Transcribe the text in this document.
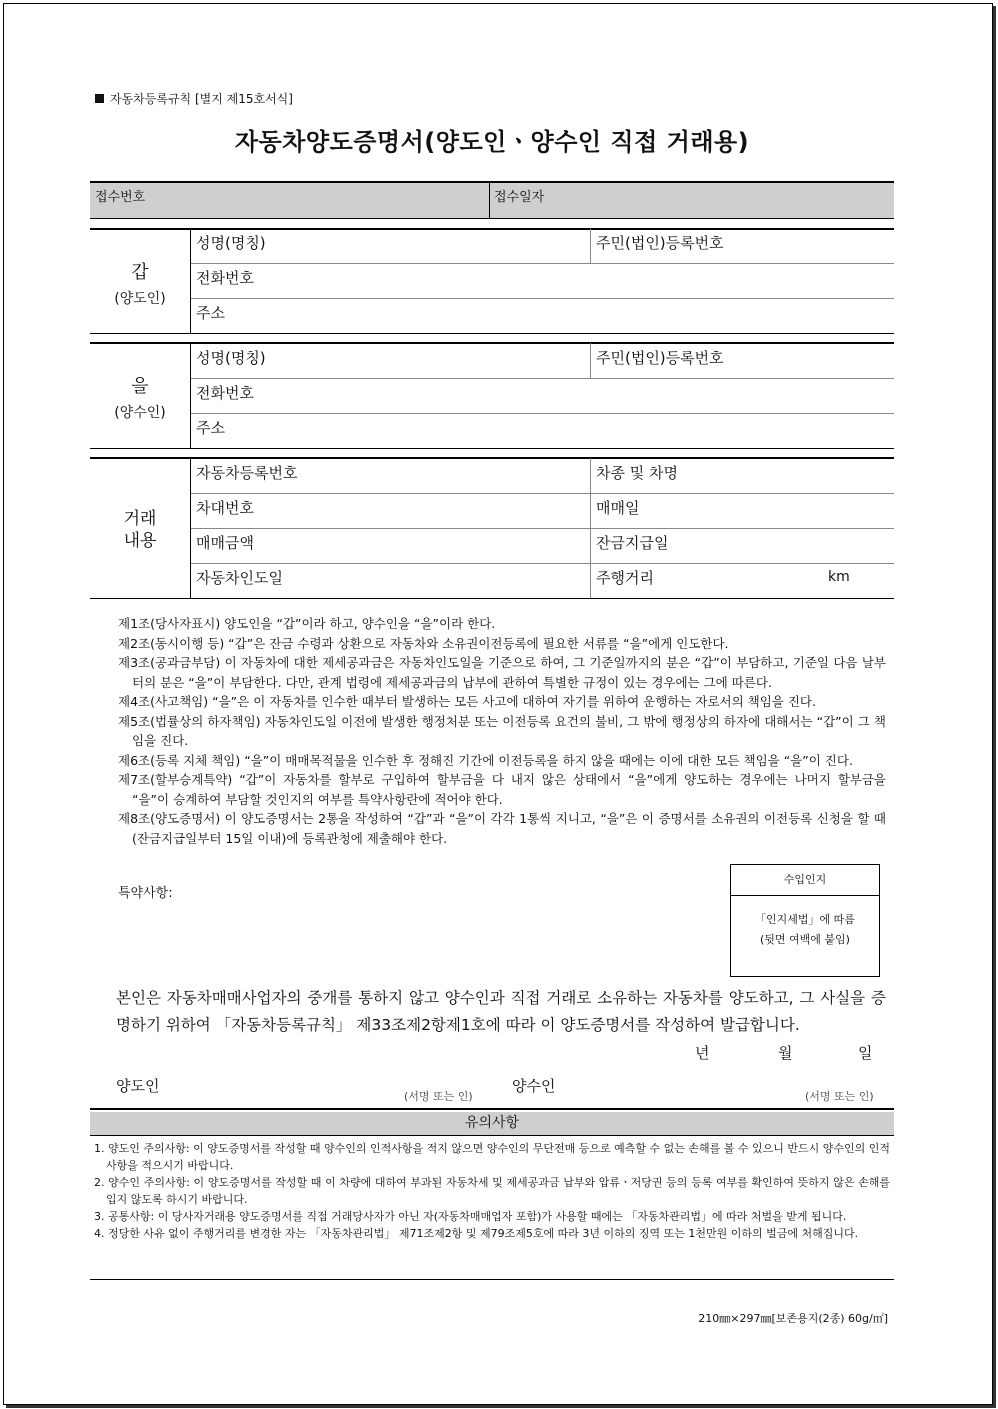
자동차등록규칙 [별지 제15호서식]
자동차양도증명서(양도인ㆍ양수인 직접 거래용)
접수번호	접수일자
갑
(양도인)
성명(명칭)	주민(법인)등록번호
전화번호
주소
을
(양수인)
성명(명칭)	주민(법인)등록번호
전화번호
주소
거래
내용
자동차등록번호	차종 및 차명
차대번호	매매일
매매금액	잔금지급일
자동차인도일	주행거리	km

제1조(당사자표시) 양도인을 “갑”이라 하고, 양수인을 “을”이라 한다.

제2조(동시이행 등) “갑”은 잔금 수령과 상환으로 자동차와 소유권이전등록에 필요한 서류를 “을”에게 인도한다.

제3조(공과금부담) 이 자동차에 대한 제세공과금은 자동차인도일을 기준으로 하여, 그 기준일까지의 분은 “갑”이 부담하고, 기준일 다음 날부터의 분은 “을”이 부담한다. 다만, 관계 법령에 제세공과금의 납부에 관하여 특별한 규정이 있는 경우에는 그에 따른다.

제4조(사고책임) “을”은 이 자동차를 인수한 때부터 발생하는 모든 사고에 대하여 자기를 위하여 운행하는 자로서의 책임을 진다.

제5조(법률상의 하자책임) 자동차인도일 이전에 발생한 행정처분 또는 이전등록 요건의 불비, 그 밖에 행정상의 하자에 대해서는 “갑”이 그 책임을 진다.

제6조(등록 지체 책임) “을”이 매매목적물을 인수한 후 정해진 기간에 이전등록을 하지 않을 때에는 이에 대한 모든 책임을 “을”이 진다.

제7조(할부승계특약) “갑”이 자동차를 할부로 구입하여 할부금을 다 내지 않은 상태에서 “을”에게 양도하는 경우에는 나머지 할부금을 “을”이 승계하여 부담할 것인지의 여부를 특약사항란에 적어야 한다.

제8조(양도증명서) 이 양도증명서는 2통을 작성하여 “갑”과 “을”이 각각 1통씩 지니고, “을”은 이 증명서를 소유권의 이전등록 신청을 할 때(잔금지급일부터 15일 이내)에 등록관청에 제출해야 한다.

특약사항:
수입인지
「인지세법」에 따름
(뒷면 여백에 붙임)
본인은 자동차매매사업자의 중개를 통하지 않고 양수인과 직접 거래로 소유하는 자동차를 양도하고, 그 사실을 증명하기 위하여 「자동차등록규칙」 제33조제2항제1호에 따라 이 양도증명서를 작성하여 발급합니다.
년	월	일
양도인
(서명 또는 인)
양수인
(서명 또는 인)
유의사항

1. 양도인 주의사항: 이 양도증명서를 작성할 때 양수인의 인적사항을 적지 않으면 양수인의 무단전매 등으로 예측할 수 없는 손해를 볼 수 있으니 반드시 양수인의 인적사항을 적으시기 바랍니다.

2. 양수인 주의사항: 이 양도증명서를 작성할 때 이 차량에 대하여 부과된 자동차세 및 제세공과금 납부와 압류ㆍ저당권 등의 등록 여부를 확인하여 뜻하지 않은 손해를 입지 않도록 하시기 바랍니다.

3. 공통사항: 이 당사자거래용 양도증명서를 직접 거래당사자가 아닌 자(자동차매매업자 포함)가 사용할 때에는 「자동차관리법」에 따라 처벌을 받게 됩니다.

4. 정당한 사유 없이 주행거리를 변경한 자는 「자동차관리법」 제71조제2항 및 제79조제5호에 따라 3년 이하의 징역 또는 1천만원 이하의 벌금에 처해집니다.

210㎜×297㎜[보존용지(2종) 60g/㎡]
